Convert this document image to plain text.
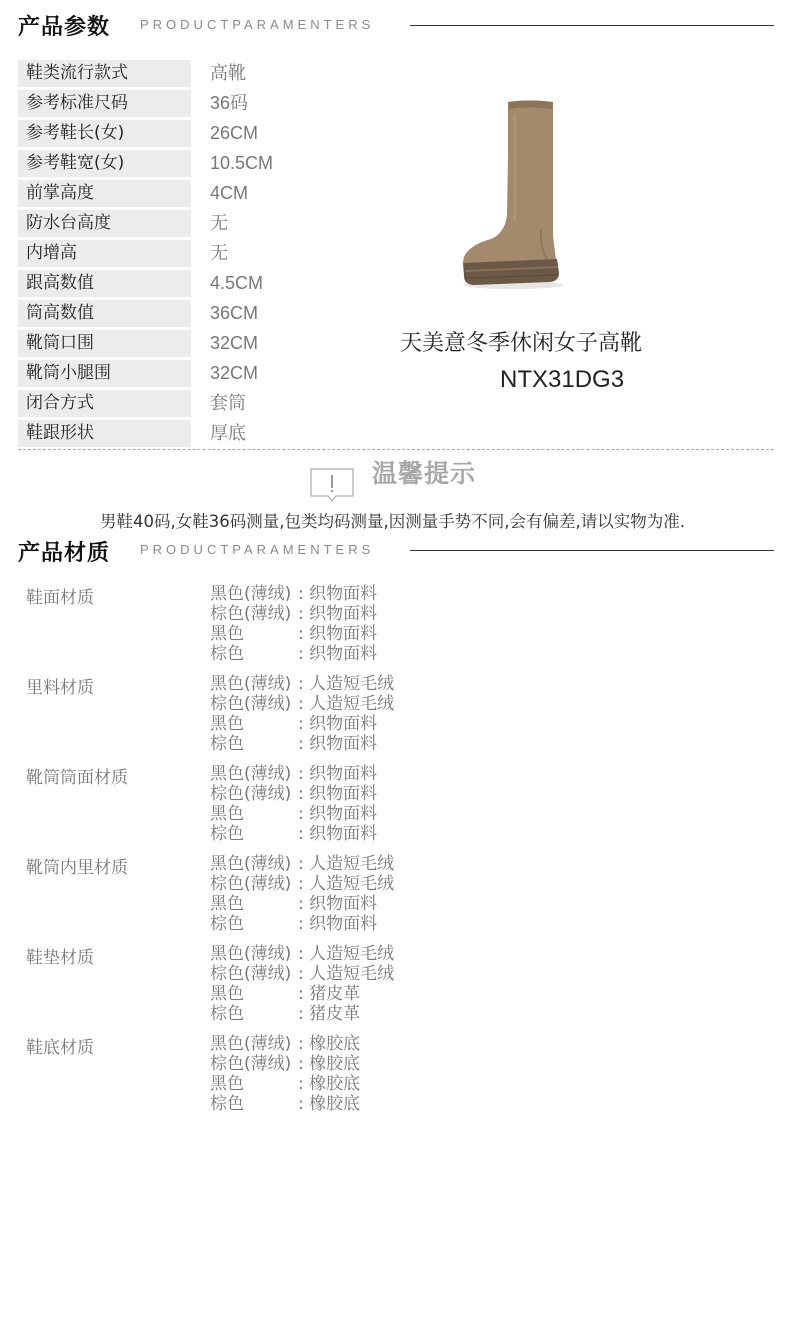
产品参数 PRODUCTPARAMENTERS
鞋类流行款式	高靴
参考标准尺码	36码
参考鞋长(女)	26CM
参考鞋宽(女)	10.5CM
前掌高度	4CM
防水台高度	无
内增高	无
跟高数值	4.5CM
筒高数值	36CM
靴筒口围	32CM
靴筒小腿围	32CM
闭合方式	套筒
鞋跟形状	厚底
天美意冬季休闲女子高靴
NTX31DG3
温馨提示
男鞋40码,女鞋36码测量,包类均码测量,因测量手势不同,会有偏差,请以实物为准.
产品材质 PRODUCTPARAMENTERS
鞋面材质	黑色(薄绒) : 织物面料
棕色(薄绒) : 织物面料
黑色	: 织物面料
棕色	: 织物面料
里料材质	黑色(薄绒) : 人造短毛绒
棕色(薄绒) : 人造短毛绒
黑色	: 织物面料
棕色	: 织物面料
靴筒筒面材质	黑色(薄绒) : 织物面料
棕色(薄绒) : 织物面料
黑色	: 织物面料
棕色	: 织物面料
靴筒内里材质	黑色(薄绒) : 人造短毛绒
棕色(薄绒) : 人造短毛绒
黑色	: 织物面料
棕色	: 织物面料
鞋垫材质	黑色(薄绒) : 人造短毛绒
棕色(薄绒) : 人造短毛绒
黑色	: 猪皮革
棕色	: 猪皮革
鞋底材质	黑色(薄绒) : 橡胶底
棕色(薄绒) : 橡胶底
黑色	: 橡胶底
棕色	: 橡胶底
